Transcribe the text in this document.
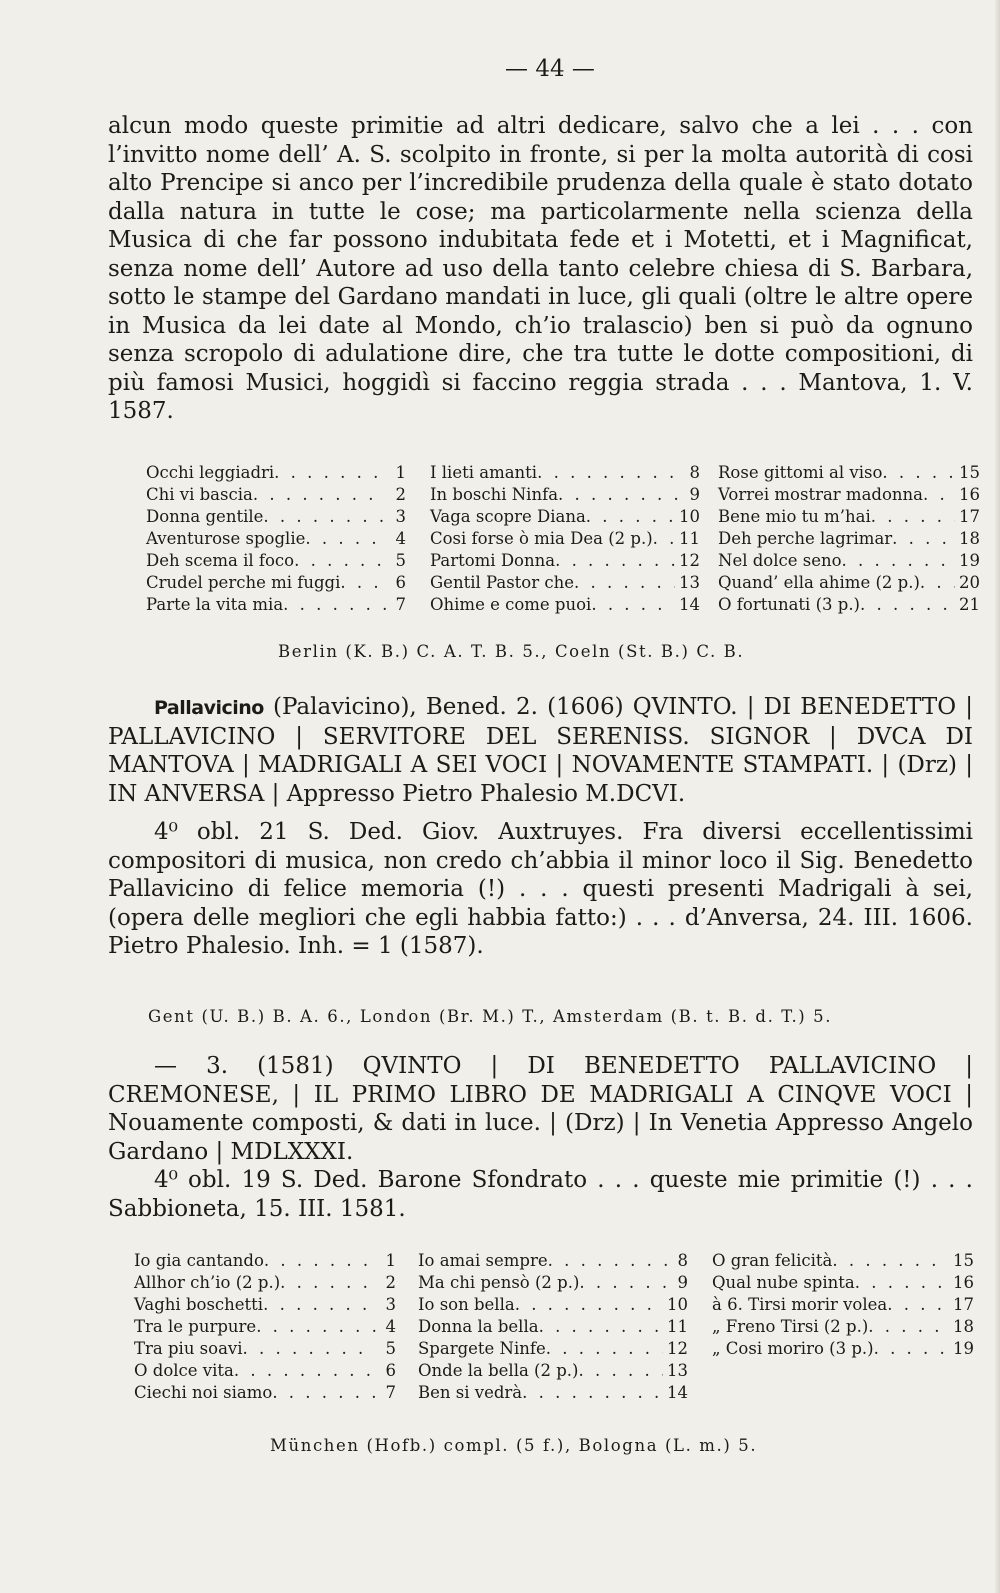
— 44 —

alcun modo queste primitie ad altri dedicare, salvo che a lei . . . con l’invitto nome dell’ A. S. scolpito in fronte, si per la molta autorità di cosi alto Prencipe si anco per l’incredibile prudenza della quale è stato dotato dalla natura in tutte le cose; ma particolarmente nella scienza della Musica di che far possono indubitata fede et i Motetti, et i Magnificat, senza nome dell’ Autore ad uso della tanto celebre chiesa di S. Barbara, sotto le stampe del Gardano mandati in luce, gli quali (oltre le altre opere in Musica da lei date al Mondo, ch’io tralascio) ben si può da ognuno senza scropolo di adulatione dire, che tra tutte le dotte compositioni, di più famosi Musici, hoggidì si faccino reggia strada . . . Mantova, 1. V. 1587.

Occhi leggiadri . . .	1
Chi vi bascia . . .	2
Donna gentile . . .	3
Aventurose spoglie . . .	4
Deh scema il foco . . .	5
Crudel perche mi fuggi . . .	6
Parte la vita mia . . .	7
I lieti amanti . . .	8
In boschi Ninfa . . .	9
Vaga scopre Diana . . .	10
Cosi forse ò mia Dea (2 p.) . . . 11
Partomi Donna . . .	12
Gentil Pastor che . . .	13
Ohime e come puoi . . .	14
Rose gittomi al viso . . .	15
Vorrei mostrar madonna . . . 16
Bene mio tu m’hai . . .	17
Deh perche lagrimar . . .	18
Nel dolce seno . . .	19
Quand’ ella ahime (2 p.) . . . 20
O fortunati (3 p.) . . .	21
Berlin (K. B.) C. A. T. B. 5., Coeln (St. B.) C. B.

Pallavicino (Palavicino), Bened. 2. (1606) QVINTO. | DI BENEDETTO | PALLAVICINO | SERVITORE DEL SERENISS. SIGNOR | DVCA DI MANTOVA | MADRIGALI A SEI VOCI | NOVAMENTE STAMPATI. | (Drz) | IN ANVERSA | Appresso Pietro Phalesio M.DCVI.

4⁰ obl. 21 S. Ded. Giov. Auxtruyes. Fra diversi eccellentissimi compositori di musica, non credo ch’abbia il minor loco il Sig. Benedetto Pallavicino di felice memoria (!) . . . questi presenti Madrigali à sei, (opera delle megliori che egli habbia fatto:) . . . d’Anversa, 24. III. 1606. Pietro Phalesio. Inh. = 1 (1587).

Gent (U. B.) B. A. 6., London (Br. M.) T., Amsterdam (B. t. B. d. T.) 5.

— 3. (1581) QVINTO | DI BENEDETTO PALLAVICINO | CREMONESE, | IL PRIMO LIBRO DE MADRIGALI A CINQVE VOCI | Nouamente composti, & dati in luce. | (Drz) | In Venetia Appresso Angelo Gardano | MDLXXXI.

4⁰ obl. 19 S. Ded. Barone Sfondrato . . . queste mie primitie (!) . . . Sabbioneta, 15. III. 1581.

Io gia cantando . . .	1
Allhor ch’io (2 p.) . . .	2
Vaghi boschetti . . .	3
Tra le purpure . . .	4
Tra piu soavi . . .	5
O dolce vita . . .	6
Ciechi noi siamo . . .	7
Io amai sempre . . .	8
Ma chi pensò (2 p.) . . .	9
Io son bella . . .	10
Donna la bella . . .	11
Spargete Ninfe . . .	12
Onde la bella (2 p.) . . .	13
Ben si vedrà . . .	14
O gran felicità . . .	15
Qual nube spinta . . .	16
à 6. Tirsi morir volea . . .	17
„ Freno Tirsi (2 p.) . . .	18
„ Cosi moriro (3 p.) . . .	19
München (Hofb.) compl. (5 f.), Bologna (L. m.) 5.
